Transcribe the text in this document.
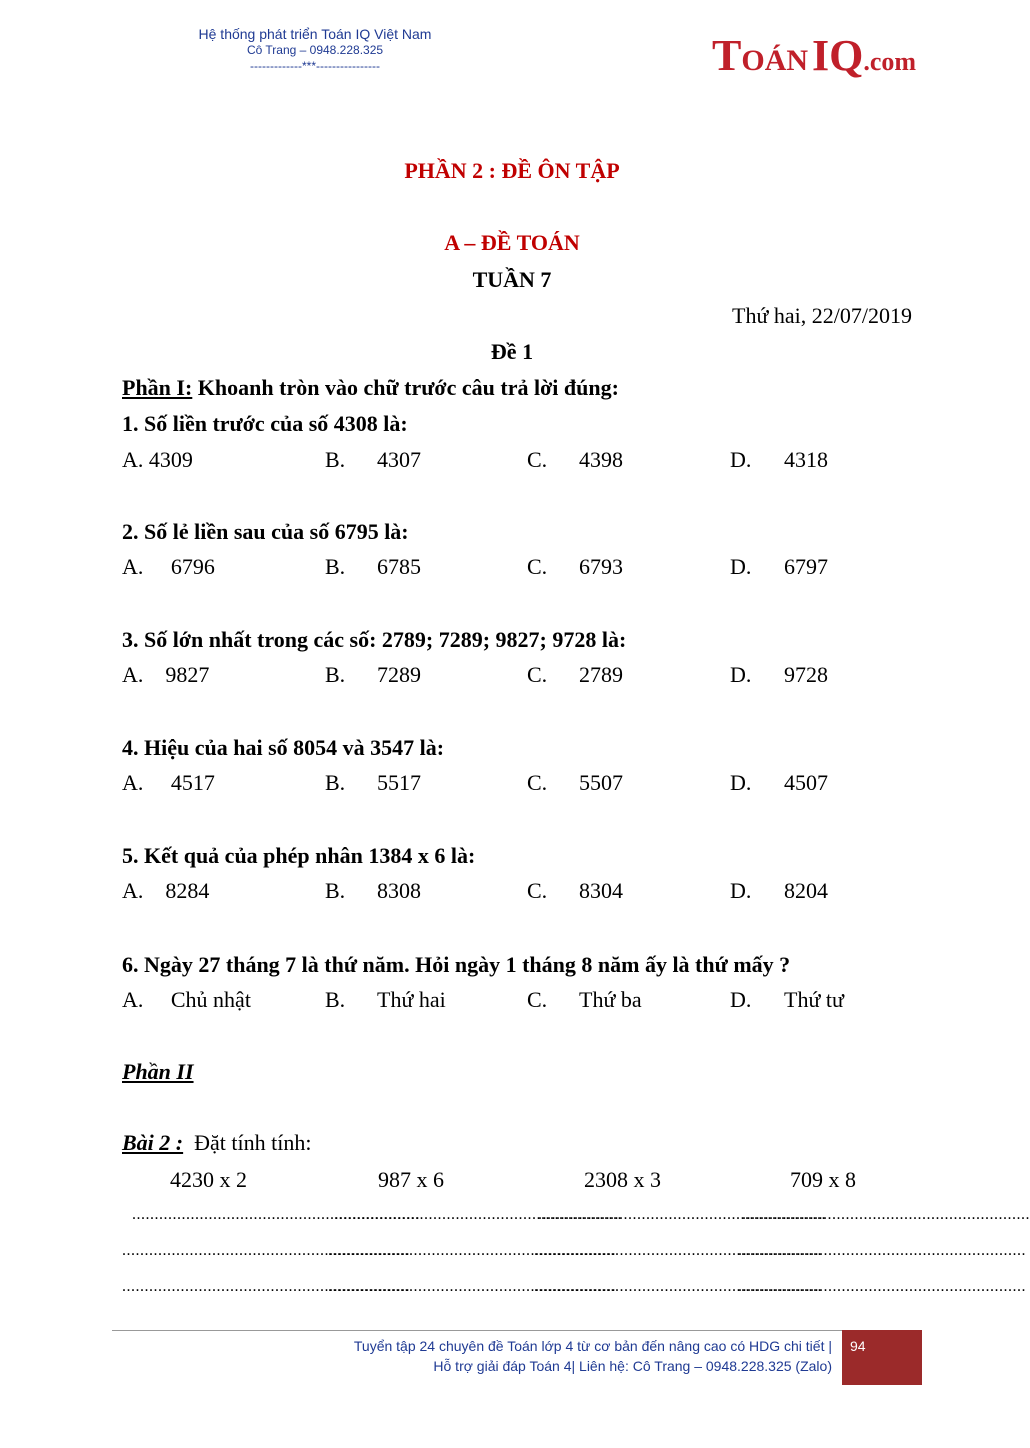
Hệ thống phát triển Toán IQ Việt Nam
Cô Trang – 0948.228.325
-------------***----------------	TOÁN IQ.com
PHẦN 2 : ĐỀ ÔN TẬP
A – ĐỀ TOÁN
TUẦN 7
Thứ hai, 22/07/2019
Đề 1
Phần I: Khoanh tròn vào chữ trước câu trả lời đúng:
1. Số liền trước của số 4308 là:
A. 4309	B. 4307	C. 4398	D. 4318
2. Số lẻ liền sau của số 6795 là:
A.     6796	B. 6785	C. 6793	D. 6797
3. Số lớn nhất trong các số: 2789; 7289; 9827; 9728 là:
A.    9827	B. 7289	C. 2789	D. 9728
4. Hiệu của hai số 8054 và 3547 là:
A.     4517	B. 5517	C. 5507	D. 4507
5. Kết quả của phép nhân 1384 x 6 là:
A.    8284	B. 8308	C. 8304	D. 8204
6. Ngày 27 tháng 7 là thứ năm. Hỏi ngày 1 tháng 8 năm ấy là thứ mấy ?
A.     Chủ nhật	B. Thứ hai	C. Thứ ba	D. Thứ tư
Phần II
Bài 2 :  Đặt tính tính:
4230 x 2	987 x 6	2308 x 3	709 x 8
................................................................
................................................................
................................................................
................................................................
................................................................
................................................................
................................................................
................................................................
................................................................
................................................................
................................................................
................................................................
Tuyển tập 24 chuyên đề Toán lớp 4 từ cơ bản đến nâng cao có HDG chi tiết |
Hỗ trợ giải đáp Toán 4| Liên hệ: Cô Trang – 0948.228.325 (Zalo)
94
